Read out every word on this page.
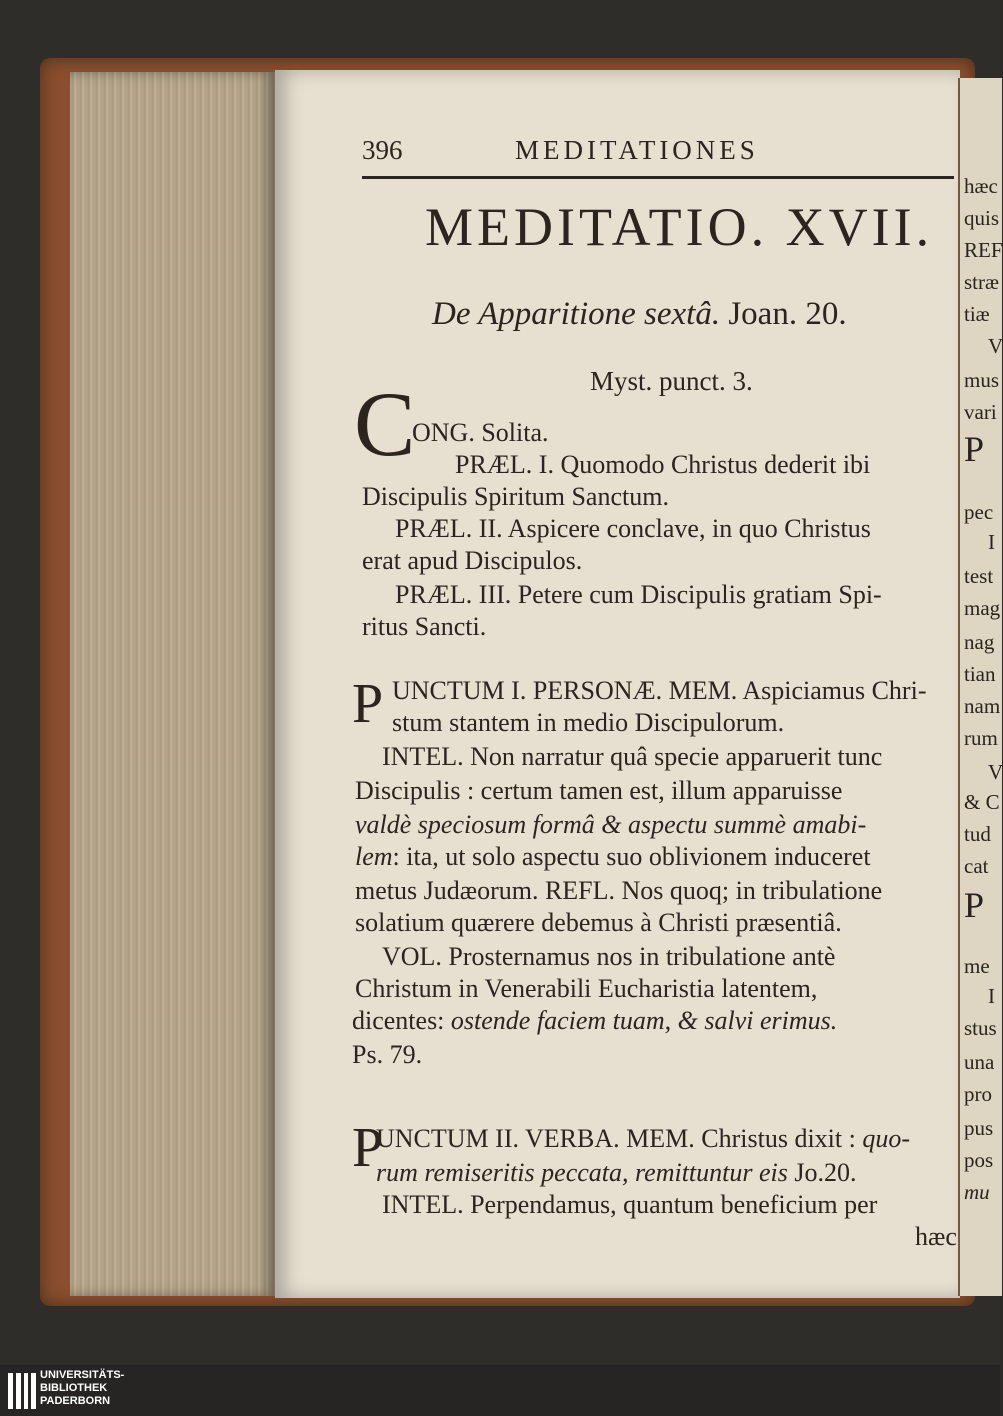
396	MEDITATIONES
MEDITATIO. XVII.
De Apparitione sextâ. Joan. 20.
Myst. punct. 3.
C
ONG. Solita.
PRÆL. I. Quomodo Christus dederit ibi
Discipulis Spiritum Sanctum.
PRÆL. II. Aspicere conclave, in quo Christus
erat apud Discipulos.
PRÆL. III. Petere cum Discipulis gratiam Spi-
ritus Sancti.
P UNCTUM I. PERSONÆ. MEM. Aspiciamus Chri-
stum stantem in medio Discipulorum.
INTEL. Non narratur quâ specie apparuerit tunc
Discipulis : certum tamen est, illum apparuisse
valdè speciosum formâ & aspectu summè amabi-
lem: ita, ut solo aspectu suo oblivionem induceret
metus Judæorum. REFL. Nos quoq; in tribulatione
solatium quærere debemus à Christi præsentiâ.
VOL. Prosternamus nos in tribulatione antè
Christum in Venerabili Eucharistia latentem,
dicentes: ostende faciem tuam, & salvi erimus.
Ps. 79.
P
UNCTUM II. VERBA. MEM. Christus dixit : quo-
rum remiseritis peccata, remittuntur eis Jo.20.
INTEL. Perpendamus, quantum beneficium per
hæc
hæc
quis
REF
stræ
tiæ
V
mus
vari
P
pec
I
test
mag
nag
tian
nam
rum
V
& C
tud
cat
P
me
I
stus
una
pro
pus
pos
mu
UNIVERSITÄTS-
BIBLIOTHEK
PADERBORN
